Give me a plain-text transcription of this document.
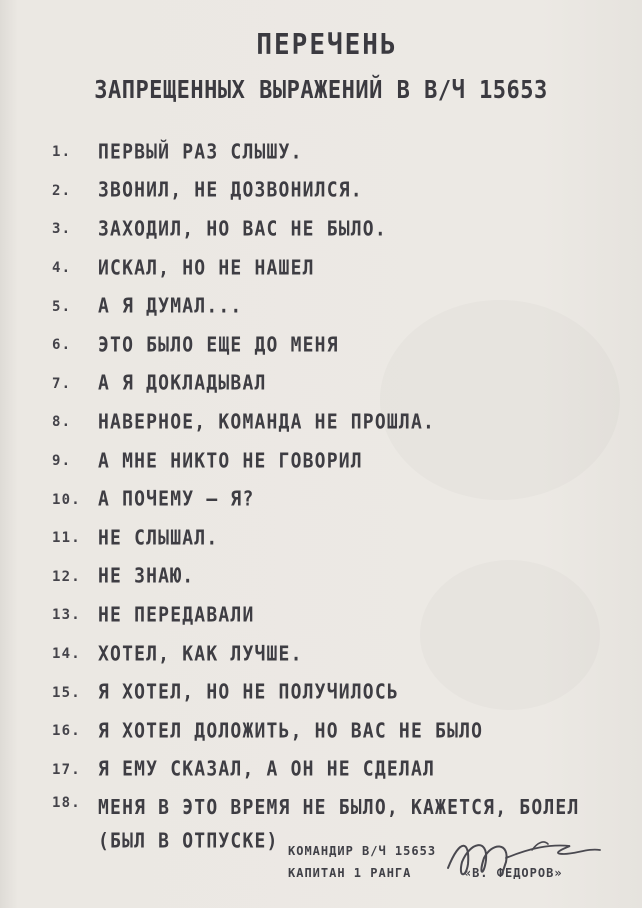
ПЕРЕЧЕНЬ
ЗАПРЕЩЕННЫХ ВЫРАЖЕНИЙ В В/Ч 15653
1.	ПЕРВЫЙ РАЗ СЛЫШУ.
2.	ЗВОНИЛ, НЕ ДОЗВОНИЛСЯ.
3.	ЗАХОДИЛ, НО ВАС НЕ БЫЛО.
4.	ИСКАЛ, НО НЕ НАШЕЛ
5.	А Я ДУМАЛ...
6.	ЭТО БЫЛО ЕЩЕ ДО МЕНЯ
7.	А Я ДОКЛАДЫВАЛ
8.	НАВЕРНОЕ, КОМАНДА НЕ ПРОШЛА.
9.	А МНЕ НИКТО НЕ ГОВОРИЛ
10. А ПОЧЕМУ – Я?
11. НЕ СЛЫШАЛ.
12. НЕ ЗНАЮ.
13. НЕ ПЕРЕДАВАЛИ
14. ХОТЕЛ, КАК ЛУЧШЕ.
15. Я ХОТЕЛ, НО НЕ ПОЛУЧИЛОСЬ
16. Я ХОТЕЛ ДОЛОЖИТЬ, НО ВАС НЕ БЫЛО
17. Я ЕМУ СКАЗАЛ, А ОН НЕ СДЕЛАЛ
18. МЕНЯ В ЭТО ВРЕМЯ НЕ БЫЛО, КАЖЕТСЯ, БОЛЕЛ (БЫЛ В ОТПУСКЕ) КОМАНДИР В/Ч 15653
КАПИТАН 1 РАНГА	«В. ФЕДОРОВ»
